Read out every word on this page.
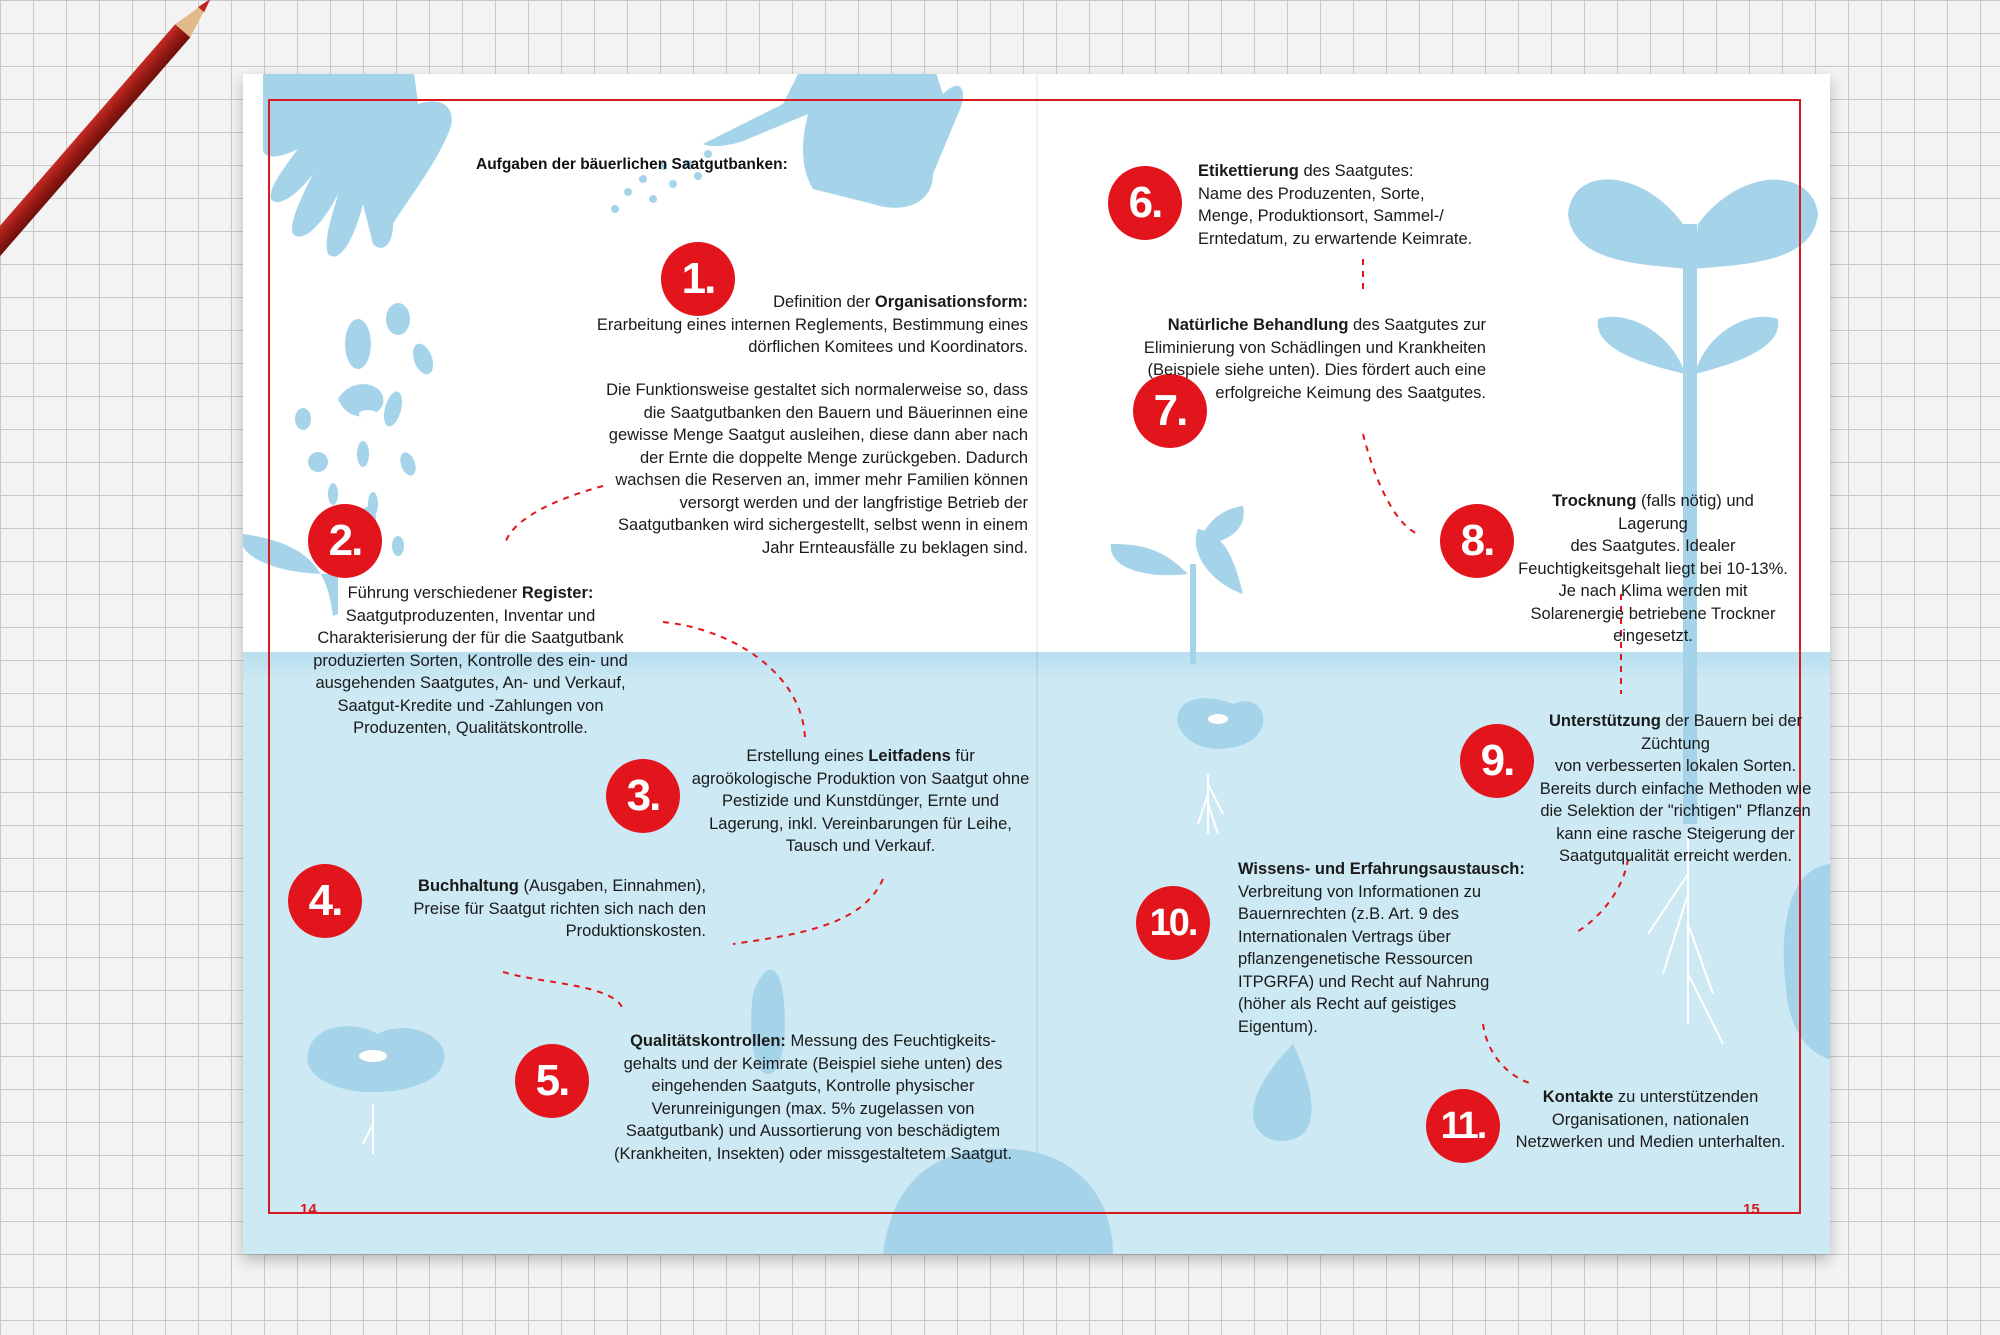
Aufgaben der bäuerlichen Saatgutbanken:
1.	Definition der Organisationsform:
Erarbeitung eines internen Reglements, Bestimmung eines dörflichen Komitees und Koordinators.
Die Funktionsweise gestaltet sich normalerweise so, dass die Saatgutbanken den Bauern und Bäuerinnen eine gewisse Menge Saatgut ausleihen, diese dann aber nach der Ernte die doppelte Menge zurückgeben. Dadurch wachsen die Reserven an, immer mehr Familien können versorgt werden und der langfristige Betrieb der Saatgutbanken wird sichergestellt, selbst wenn in einem Jahr Ernteausfälle zu beklagen sind.
2.
Führung verschiedener Register:
Saatgutproduzenten, Inventar und Charakterisierung der für die Saatgutbank produzierten Sorten, Kontrolle des ein- und ausgehenden Saatgutes, An- und Verkauf, Saatgut-Kredite und -Zahlungen von Produzenten, Qualitätskontrolle.
3.
Erstellung eines Leitfadens für
agroökologische Produktion von Saatgut ohne Pestizide und Kunstdünger, Ernte und Lagerung, inkl. Vereinbarungen für Leihe, Tausch und Verkauf.
4.	Buchhaltung (Ausgaben, Einnahmen),
Preise für Saatgut richten sich nach den Produktionskosten.
5.
Qualitätskontrollen: Messung des Feuchtigkeits-
gehalts und der Keimrate (Beispiel siehe unten) des eingehenden Saatguts, Kontrolle physischer Verunreinigungen (max. 5% zugelassen von Saatgutbank) und Aussortierung von beschädigtem (Krankheiten, Insekten) oder missgestaltetem Saatgut.
6.
Etikettierung des Saatgutes:
Name des Produzenten, Sorte, Menge, Produktionsort, Sammel-/ Erntedatum, zu erwartende Keimrate.
7.
Natürliche Behandlung des Saatgutes zur
Eliminierung von Schädlingen und Krankheiten (Beispiele siehe unten). Dies fördert auch eine erfolgreiche Keimung des Saatgutes.
8.
Trocknung (falls nötig) und Lagerung
des Saatgutes. Idealer Feuchtigkeitsgehalt liegt bei 10-13%. Je nach Klima werden mit Solarenergie betriebene Trockner eingesetzt.
9.
Unterstützung der Bauern bei der Züchtung
von verbesserten lokalen Sorten. Bereits durch einfache Methoden wie die Selektion der "richtigen" Pflanzen kann eine rasche Steigerung der Saatgutqualität erreicht werden.
10.
Wissens- und Erfahrungsaustausch:
Verbreitung von Informationen zu Bauernrechten (z.B. Art. 9 des Internationalen Vertrags über pflanzengenetische Ressourcen ITPGRFA) und Recht auf Nahrung (höher als Recht auf geistiges Eigentum).
11.
Kontakte zu unterstützenden
Organisationen, nationalen Netzwerken und Medien unterhalten.
14	15
